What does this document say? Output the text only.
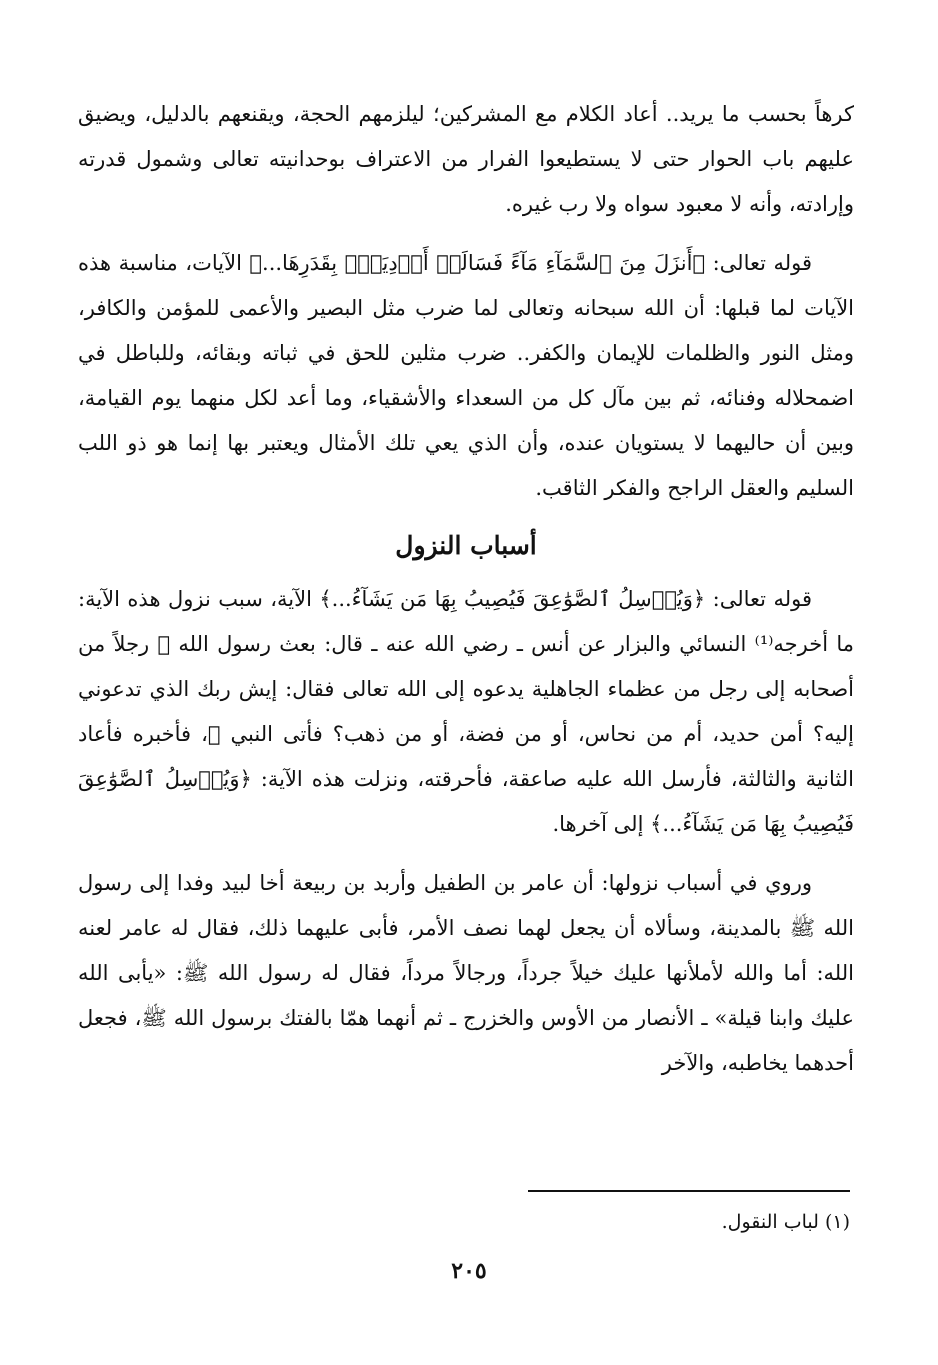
كرهاً بحسب ما يريد.. أعاد الكلام مع المشركين؛ ليلزمهم الحجة، ويقنعهم بالدليل، ويضيق عليهم باب الحوار حتى لا يستطيعوا الفرار من الاعتراف بوحدانيته تعالى وشمول قدرته وإرادته، وأنه لا معبود سواه ولا رب غيره.

قوله تعالى: ﴿أَنزَلَ مِنَ ٱلسَّمَآءِ مَآءً فَسَالَتۡ أَوۡدِيَةُۢ بِقَدَرِهَا...﴾ الآيات، مناسبة هذه الآيات لما قبلها: أن الله سبحانه وتعالى لما ضرب مثل البصير والأعمى للمؤمن والكافر، ومثل النور والظلمات للإيمان والكفر.. ضرب مثلين للحق في ثباته وبقائه، وللباطل في اضمحلاله وفنائه، ثم بين مآل كل من السعداء والأشقياء، وما أعد لكل منهما يوم القيامة، وبين أن حاليهما لا يستويان عنده، وأن الذي يعي تلك الأمثال ويعتبر بها إنما هو ذو اللب السليم والعقل الراجح والفكر الثاقب.

أسباب النزول

قوله تعالى: ﴿وَيُرۡسِلُ ٱلصَّوَٰعِقَ فَيُصِيبُ بِهَا مَن يَشَآءُ...﴾ الآية، سبب نزول هذه الآية: ما أخرجه⁽¹⁾ النسائي والبزار عن أنس ـ رضي الله عنه ـ قال: بعث رسول الله ﷺ رجلاً من أصحابه إلى رجل من عظماء الجاهلية يدعوه إلى الله تعالى فقال: إيش ربك الذي تدعوني إليه؟ أمن حديد، أم من نحاس، أو من فضة، أو من ذهب؟ فأتى النبي ﷺ، فأخبره فأعاد الثانية والثالثة، فأرسل الله عليه صاعقة، فأحرقته، ونزلت هذه الآية: ﴿وَيُرۡسِلُ ٱلصَّوَٰعِقَ فَيُصِيبُ بِهَا مَن يَشَآءُ...﴾ إلى آخرها.

وروي في أسباب نزولها: أن عامر بن الطفيل وأربد بن ربيعة أخا لبيد وفدا إلى رسول الله ﷺ بالمدينة، وسألاه أن يجعل لهما نصف الأمر، فأبى عليهما ذلك، فقال له عامر لعنه الله: أما والله لأملأنها عليك خيلاً جرداً، ورجالاً مرداً، فقال له رسول الله ﷺ: «يأبى الله عليك وابنا قيلة» ـ الأنصار من الأوس والخزرج ـ ثم أنهما همّا بالفتك برسول الله ﷺ، فجعل أحدهما يخاطبه، والآخر

(١) لباب النقول.
٢٠٥
